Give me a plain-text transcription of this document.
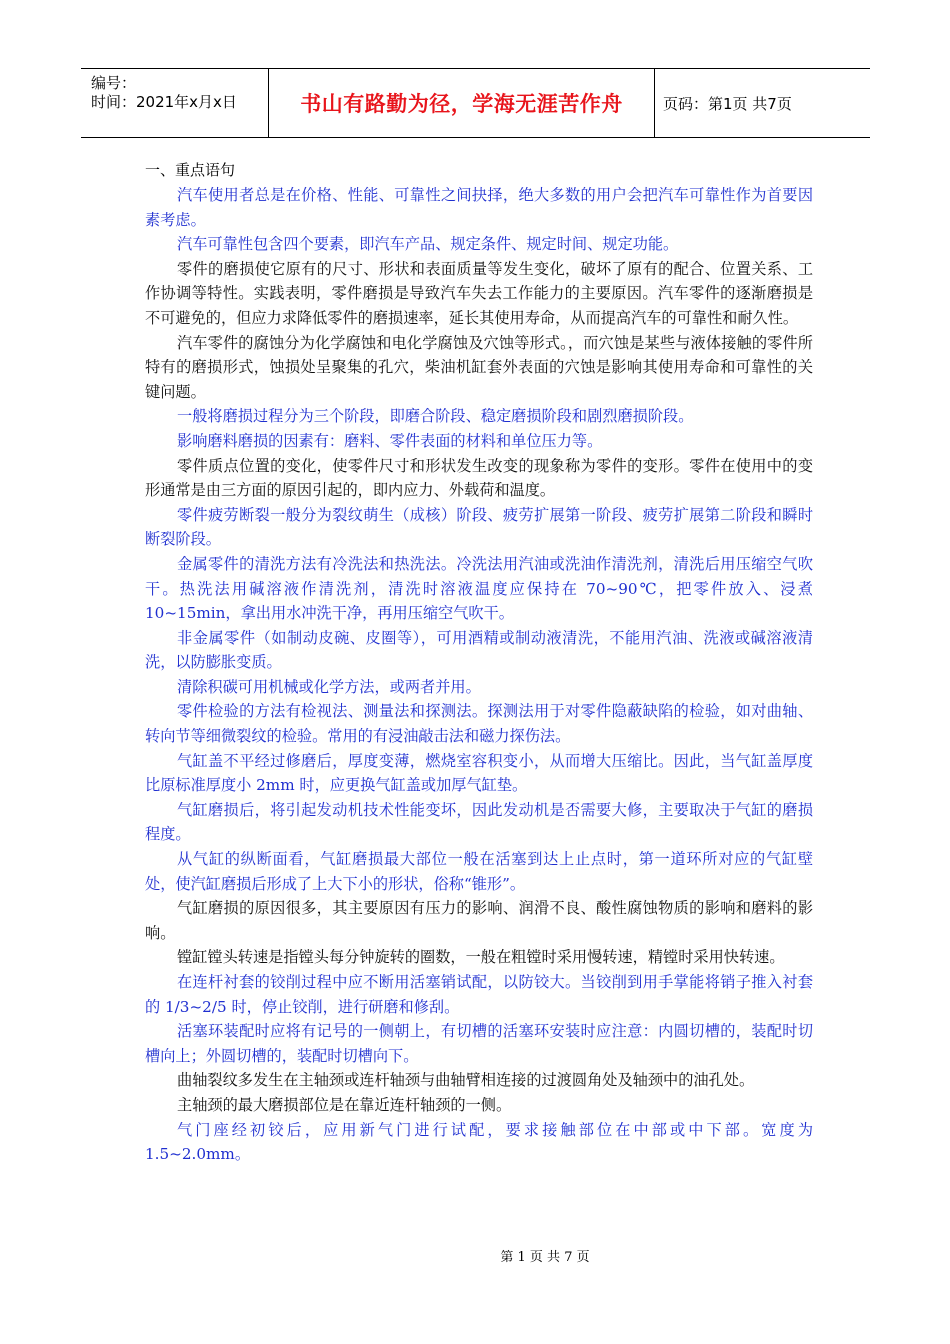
编号：
时间：2021年x月x日	书山有路勤为径，学海无涯苦作舟	页码：第1页 共7页
一、重点语句

汽车使用者总是在价格、性能、可靠性之间抉择，绝大多数的用户会把汽车可靠性作为首要因素考虑。

汽车可靠性包含四个要素，即汽车产品、规定条件、规定时间、规定功能。

零件的磨损使它原有的尺寸、形状和表面质量等发生变化，破坏了原有的配合、位置关系、工作协调等特性。实践表明，零件磨损是导致汽车失去工作能力的主要原因。汽车零件的逐渐磨损是不可避免的，但应力求降低零件的磨损速率，延长其使用寿命，从而提高汽车的可靠性和耐久性。

汽车零件的腐蚀分为化学腐蚀和电化学腐蚀及穴蚀等形式。，而穴蚀是某些与液体接触的零件所特有的磨损形式，蚀损处呈聚集的孔穴，柴油机缸套外表面的穴蚀是影响其使用寿命和可靠性的关键问题。

一般将磨损过程分为三个阶段，即磨合阶段、稳定磨损阶段和剧烈磨损阶段。

影响磨料磨损的因素有：磨料、零件表面的材料和单位压力等。

零件质点位置的变化，使零件尺寸和形状发生改变的现象称为零件的变形。零件在使用中的变形通常是由三方面的原因引起的，即内应力、外载荷和温度。

零件疲劳断裂一般分为裂纹萌生（成核）阶段、疲劳扩展第一阶段、疲劳扩展第二阶段和瞬时断裂阶段。

金属零件的清洗方法有冷洗法和热洗法。冷洗法用汽油或洗油作清洗剂，清洗后用压缩空气吹干。热洗法用碱溶液作清洗剂，清洗时溶液温度应保持在 70~90℃，把零件放入、浸煮 10~15min，拿出用水冲洗干净，再用压缩空气吹干。

非金属零件（如制动皮碗、皮圈等），可用酒精或制动液清洗，不能用汽油、洗液或碱溶液清洗，以防膨胀变质。

清除积碳可用机械或化学方法，或两者并用。

零件检验的方法有检视法、测量法和探测法。探测法用于对零件隐蔽缺陷的检验，如对曲轴、转向节等细微裂纹的检验。常用的有浸油敲击法和磁力探伤法。

气缸盖不平经过修磨后，厚度变薄，燃烧室容积变小，从而增大压缩比。因此，当气缸盖厚度比原标准厚度小 2mm 时，应更换气缸盖或加厚气缸垫。

气缸磨损后，将引起发动机技术性能变坏，因此发动机是否需要大修，主要取决于气缸的磨损程度。

从气缸的纵断面看，气缸磨损最大部位一般在活塞到达上止点时，第一道环所对应的气缸壁处，使汽缸磨损后形成了上大下小的形状，俗称“锥形”。

气缸磨损的原因很多，其主要原因有压力的影响、润滑不良、酸性腐蚀物质的影响和磨料的影响。

镗缸镗头转速是指镗头每分钟旋转的圈数，一般在粗镗时采用慢转速，精镗时采用快转速。

在连杆衬套的铰削过程中应不断用活塞销试配，以防铰大。当铰削到用手掌能将销子推入衬套的 1/3~2/5 时，停止铰削，进行研磨和修刮。

活塞环装配时应将有记号的一侧朝上，有切槽的活塞环安装时应注意：内圆切槽的，装配时切槽向上；外圆切槽的，装配时切槽向下。

曲轴裂纹多发生在主轴颈或连杆轴颈与曲轴臂相连接的过渡圆角处及轴颈中的油孔处。

主轴颈的最大磨损部位是在靠近连杆轴颈的一侧。

气门座经初铰后，应用新气门进行试配，要求接触部位在中部或中下部。宽度为 1.5~2.0mm。

第 1 页 共 7 页
